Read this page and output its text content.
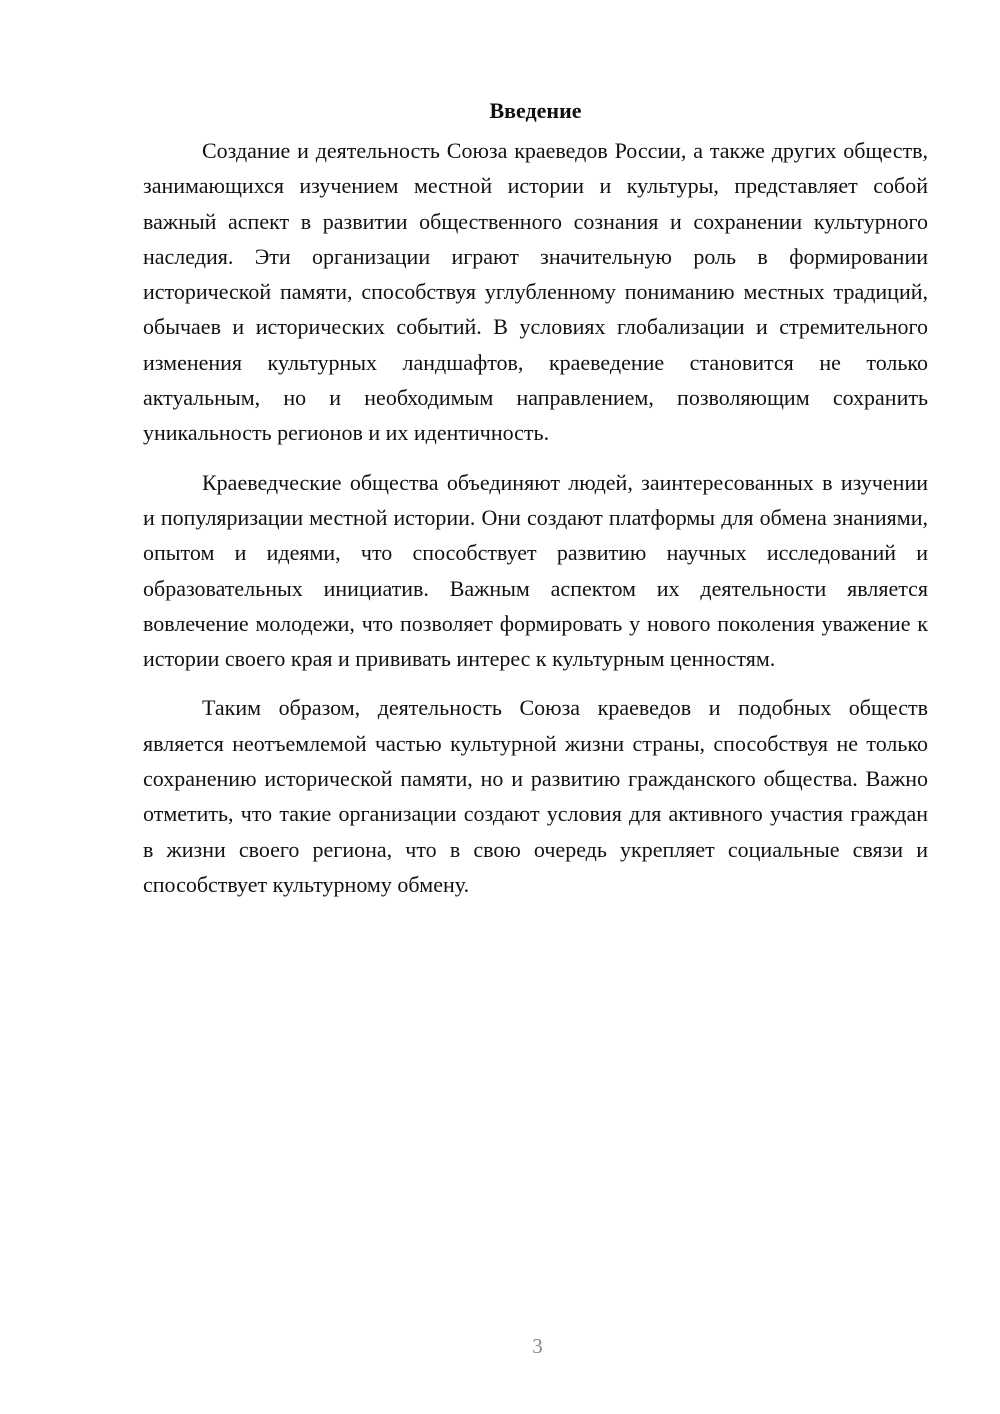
Введение

Создание и деятельность Союза краеведов России, а также других обществ, занимающихся изучением местной истории и культуры, представляет собой важный аспект в развитии общественного сознания и сохранении культурного наследия. Эти организации играют значительную роль в формировании исторической памяти, способствуя углубленному пониманию местных традиций, обычаев и исторических событий. В условиях глобализации и стремительного изменения культурных ландшафтов, краеведение становится не только актуальным, но и необходимым направлением, позволяющим сохранить уникальность регионов и их идентичность.

Краеведческие общества объединяют людей, заинтересованных в изучении и популяризации местной истории. Они создают платформы для обмена знаниями, опытом и идеями, что способствует развитию научных исследований и образовательных инициатив. Важным аспектом их деятельности является вовлечение молодежи, что позволяет формировать у нового поколения уважение к истории своего края и прививать интерес к культурным ценностям.

Таким образом, деятельность Союза краеведов и подобных обществ является неотъемлемой частью культурной жизни страны, способствуя не только сохранению исторической памяти, но и развитию гражданского общества. Важно отметить, что такие организации создают условия для активного участия граждан в жизни своего региона, что в свою очередь укрепляет социальные связи и способствует культурному обмену.

3
